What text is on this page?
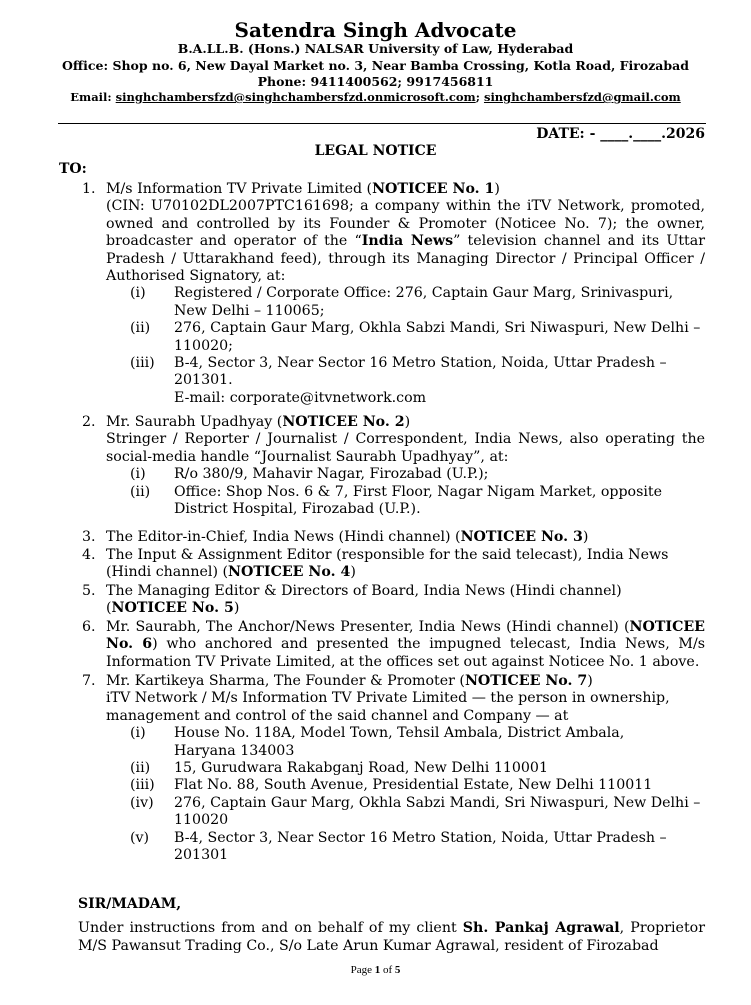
Satendra Singh Advocate
B.A.LL.B. (Hons.) NALSAR University of Law, Hyderabad
Office: Shop no. 6, New Dayal Market no. 3, Near Bamba Crossing, Kotla Road, Firozabad
Phone: 9411400562; 9917456811
Email: singhchambersfzd@singhchambersfzd.onmicrosoft.com; singhchambersfzd@gmail.com
DATE: - ____.____.2026
LEGAL NOTICE
TO:
1. M/s Information TV Private Limited (NOTICEE No. 1)
(CIN: U70102DL2007PTC161698; a company within the iTV Network, promoted, owned and controlled by its Founder & Promoter (Noticee No. 7); the owner, broadcaster and operator of the “India News” television channel and its Uttar Pradesh / Uttarakhand feed), through its Managing Director / Principal Officer / Authorised Signatory, at:
(i) Registered / Corporate Office: 276, Captain Gaur Marg, Srinivaspuri, New Delhi – 110065;
(ii) 276, Captain Gaur Marg, Okhla Sabzi Mandi, Sri Niwaspuri, New Delhi – 110020;
(iii) B-4, Sector 3, Near Sector 16 Metro Station, Noida, Uttar Pradesh – 201301.
E-mail: corporate@itvnetwork.com
2. Mr. Saurabh Upadhyay (NOTICEE No. 2)
Stringer / Reporter / Journalist / Correspondent, India News, also operating the social-media handle “Journalist Saurabh Upadhyay”, at:
(i) R/o 380/9, Mahavir Nagar, Firozabad (U.P.);
(ii) Office: Shop Nos. 6 & 7, First Floor, Nagar Nigam Market, opposite District Hospital, Firozabad (U.P.).
3. The Editor-in-Chief, India News (Hindi channel) (NOTICEE No. 3)
4. The Input & Assignment Editor (responsible for the said telecast), India News (Hindi channel) (NOTICEE No. 4)
5. The Managing Editor & Directors of Board, India News (Hindi channel) (NOTICEE No. 5)
6. Mr. Saurabh, The Anchor/News Presenter, India News (Hindi channel) (NOTICEE No. 6) who anchored and presented the impugned telecast, India News, M/s Information TV Private Limited, at the offices set out against Noticee No. 1 above.
7. Mr. Kartikeya Sharma, The Founder & Promoter (NOTICEE No. 7)
iTV Network / M/s Information TV Private Limited — the person in ownership, management and control of the said channel and Company — at
(i) House No. 118A, Model Town, Tehsil Ambala, District Ambala, Haryana 134003
(ii) 15, Gurudwara Rakabganj Road, New Delhi 110001
(iii) Flat No. 88, South Avenue, Presidential Estate, New Delhi 110011
(iv) 276, Captain Gaur Marg, Okhla Sabzi Mandi, Sri Niwaspuri, New Delhi – 110020
(v) B-4, Sector 3, Near Sector 16 Metro Station, Noida, Uttar Pradesh – 201301
SIR/MADAM,
Under instructions from and on behalf of my client Sh. Pankaj Agrawal, Proprietor M/S Pawansut Trading Co., S/o Late Arun Kumar Agrawal, resident of Firozabad
Page 1 of 5
